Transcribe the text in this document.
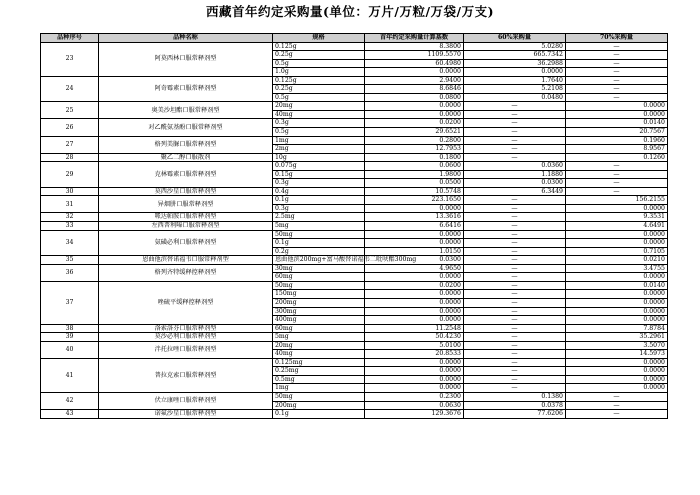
西藏首年约定采购量(单位：万片/万粒/万袋/万支)
品种序号	品种名称	规格	首年约定采购量计算基数	60%采购量	70%采购量
23	阿莫西林口服常释剂型	0.125g	8.3800	5.0280	—
		0.25g	1109.5570	665.7342	—
		0.5g	60.4980	36.2988	—
		1.0g	0.0000	0.0000	—
24	阿奇霉素口服常释剂型	0.125g	2.9400	1.7640	—
		0.25g	8.6846	5.2108	—
		0.5g	0.0800	0.0480	—
25	奥美沙坦酯口服常释剂型	20mg	0.0000	—	0.0000
		40mg	0.0000	—	0.0000
26	对乙酰氨基酚口服常释剂型	0.3g	0.0200	—	0.0140
		0.5g	29.6521	—	20.7567
27	格列美脲口服常释剂型	1mg	0.2800	—	0.1960
		2mg	12.7953	—	8.9567
28	聚乙二醇口服散剂	10g	0.1800	—	0.1260
29	克林霉素口服常释剂型	0.075g	0.0600	0.0360	—
		0.15g	1.9800	1.1880	—
		0.3g	0.0500	0.0300	—
30	莫西沙星口服常释剂型	0.4g	10.5748	6.3449	—
31	异烟肼口服常释剂型	0.1g	223.1650	—	156.2155
		0.3g	0.0000	—	0.0000
32	哌达帕胺口服常释剂型	2.5mg	13.3616	—	9.3531
33	左西普利嗪口服常释剂型	5mg	6.6416	—	4.6491
34	氨磺必利口服常释剂型	50mg	0.0000	—	0.0000
		0.1g	0.0000	—	0.0000
		0.2g	1.0150	—	0.7105
35	恩曲他滨替诺福韦口服常释剂型	恩曲他滨200mg+富马酸替诺福韦二吡呋酯300mg	0.0300	—	0.0210
36	格列齐特缓释控释剂型	30mg	4.9650	—	3.4755
		60mg	0.0000	—	0.0000
37	唑硫平缓释控释剂型	50mg	0.0200	—	0.0140
		150mg	0.0000	—	0.0000
		200mg	0.0000	—	0.0000
		300mg	0.0000	—	0.0000
		400mg	0.0000	—	0.0000
38	洛索洛芬口服常释剂型	60mg	11.2548	—	7.8784
39	莫沙必利口服常释剂型	5mg	50.4230	—	35.2961
40	泮托拉唑口服常释剂型	20mg	5.0100	—	3.5070
		40mg	20.8533	—	14.5973
41	普拉克索口服常释剂型	0.125mg	0.0000	—	0.0000
		0.25mg	0.0000	—	0.0000
		0.5mg	0.0000	—	0.0000
		1mg	0.0000	—	0.0000
42	伏立康唑口服常释剂型	50mg	0.2300	0.1380	—
		200mg	0.0630	0.0378	—
43	诺氟沙星口服常释剂型	0.1g	129.3676	77.6206	—
